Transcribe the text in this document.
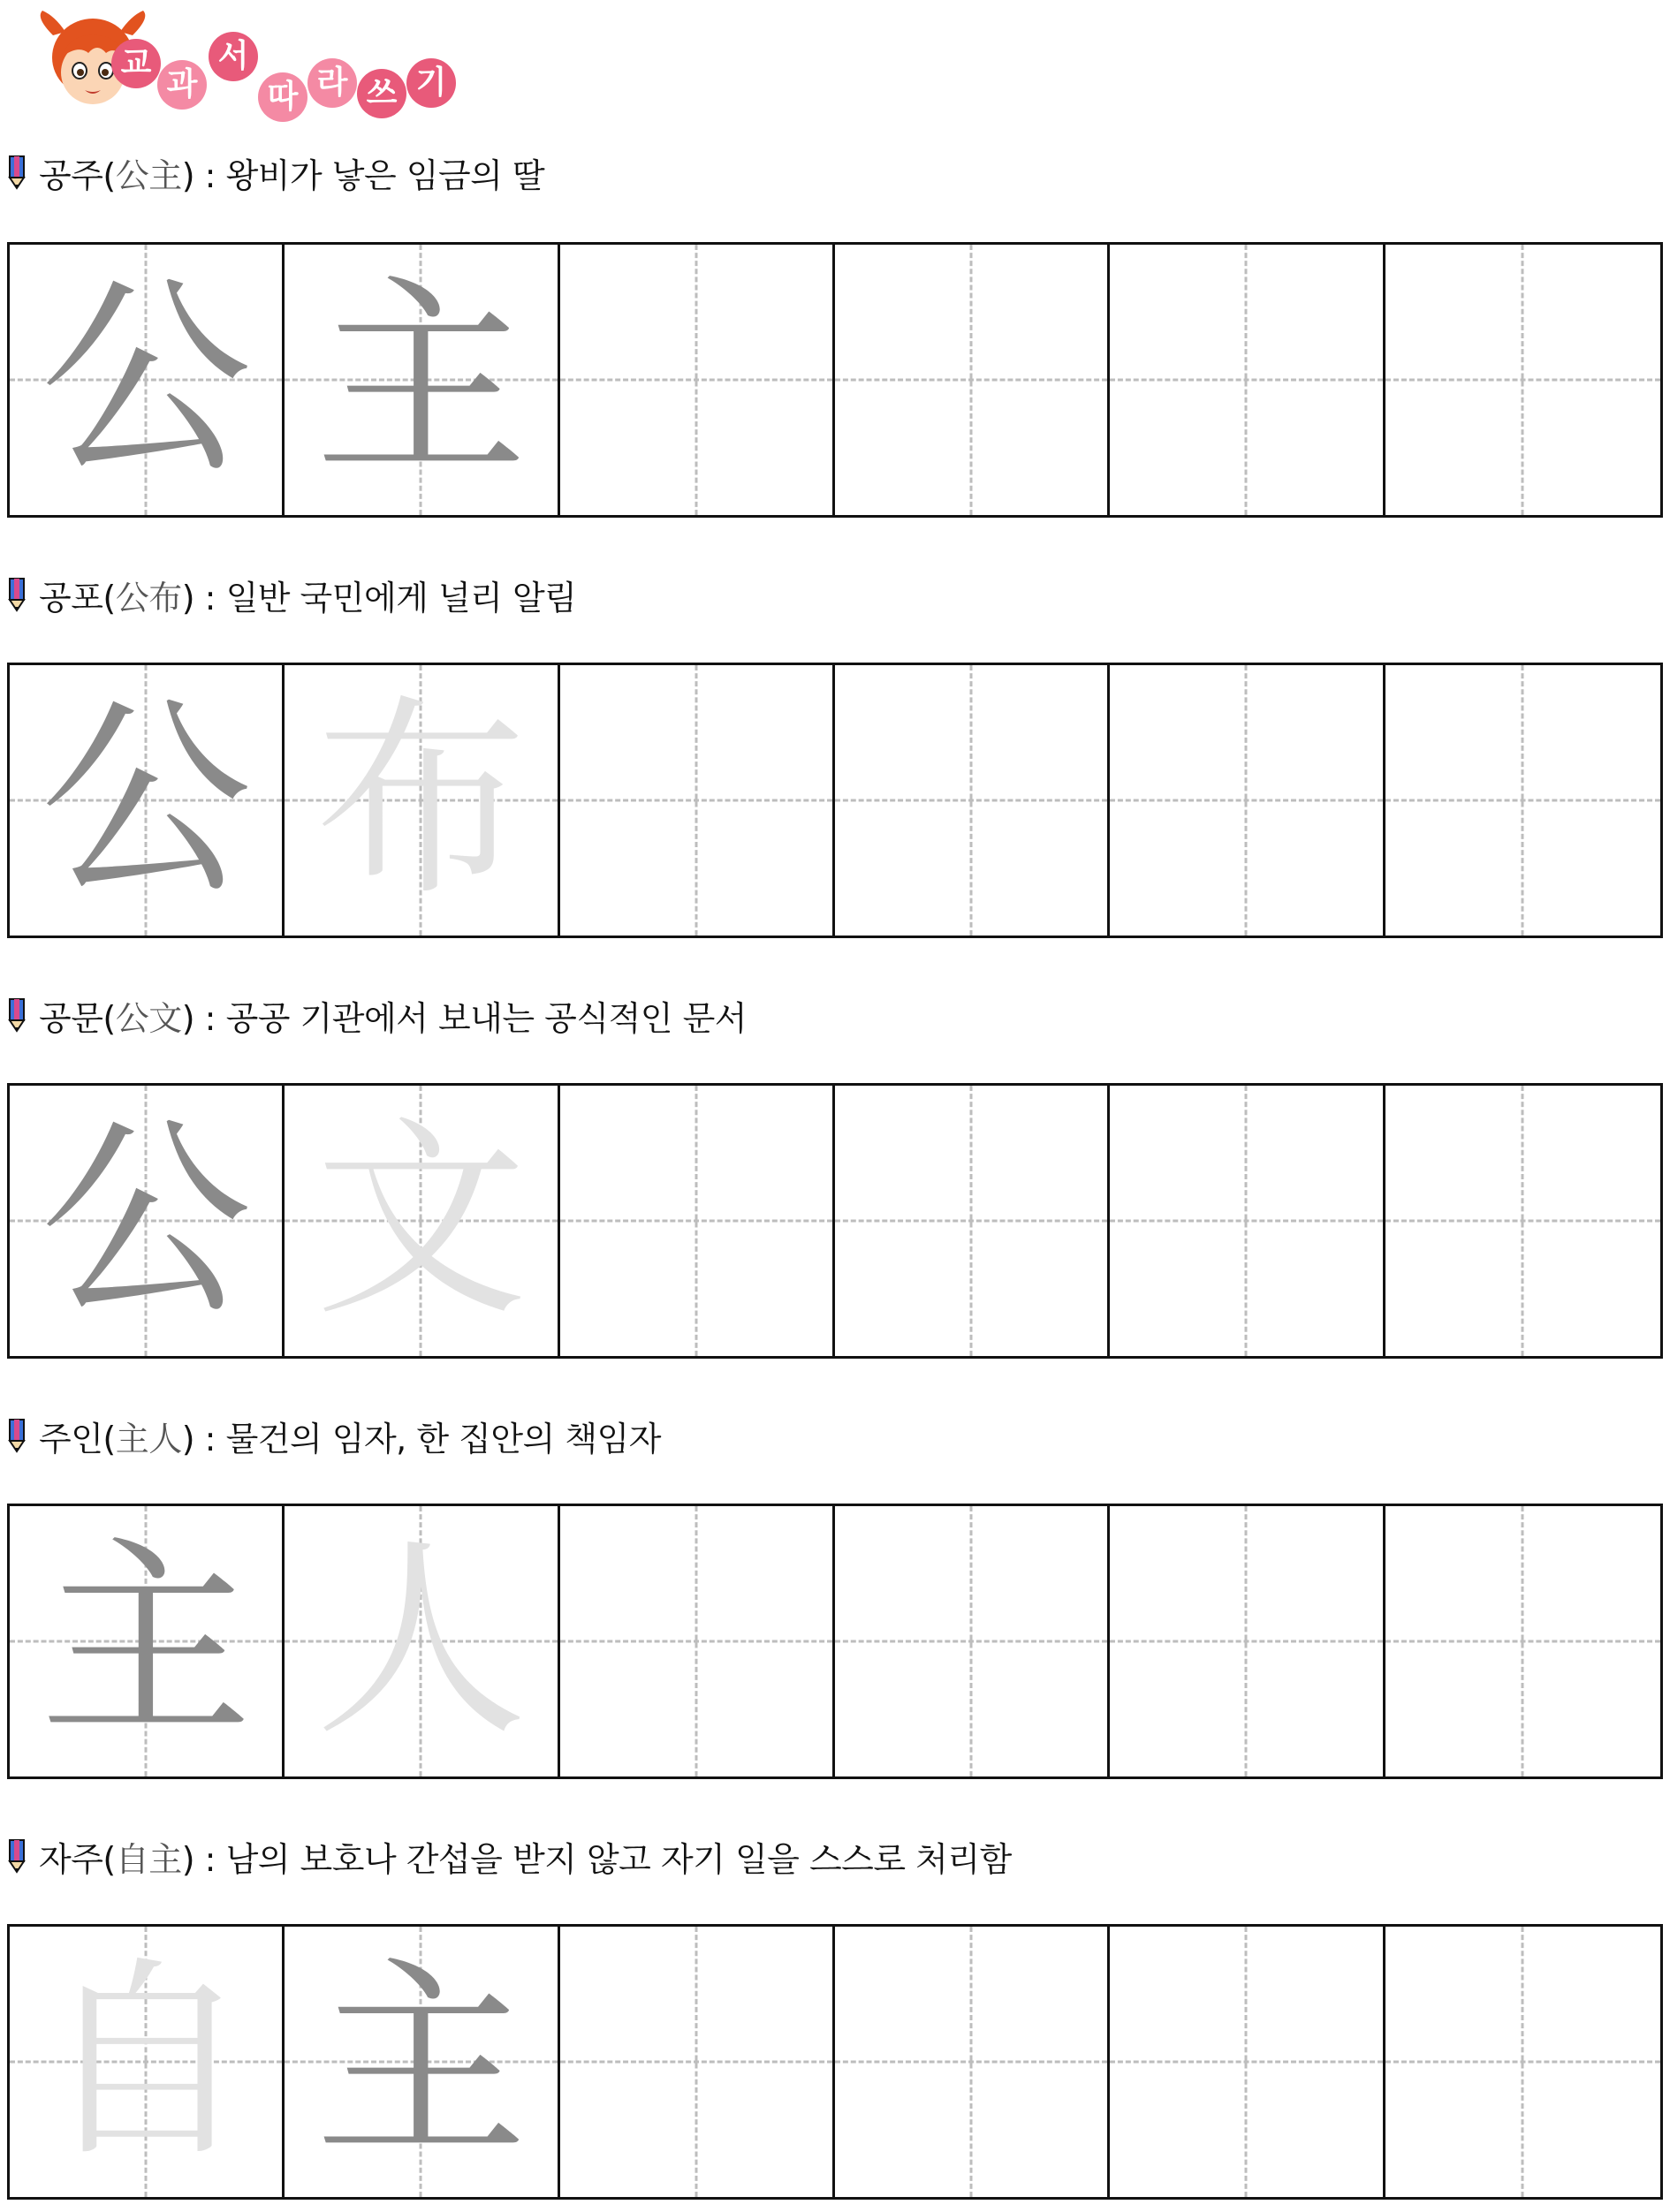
교
과
서
따 라 쓰 기
공주(公主) : 왕비가 낳은 임금의 딸
公 主
공포(公布) : 일반 국민에게 널리 알림
公 布
공문(公文) : 공공 기관에서 보내는 공식적인 문서
公 文
주인(主人) : 물건의 임자, 한 집안의 책임자
主 人
자주(自主) : 남의 보호나 간섭을 받지 않고 자기 일을 스스로 처리함
自 主
